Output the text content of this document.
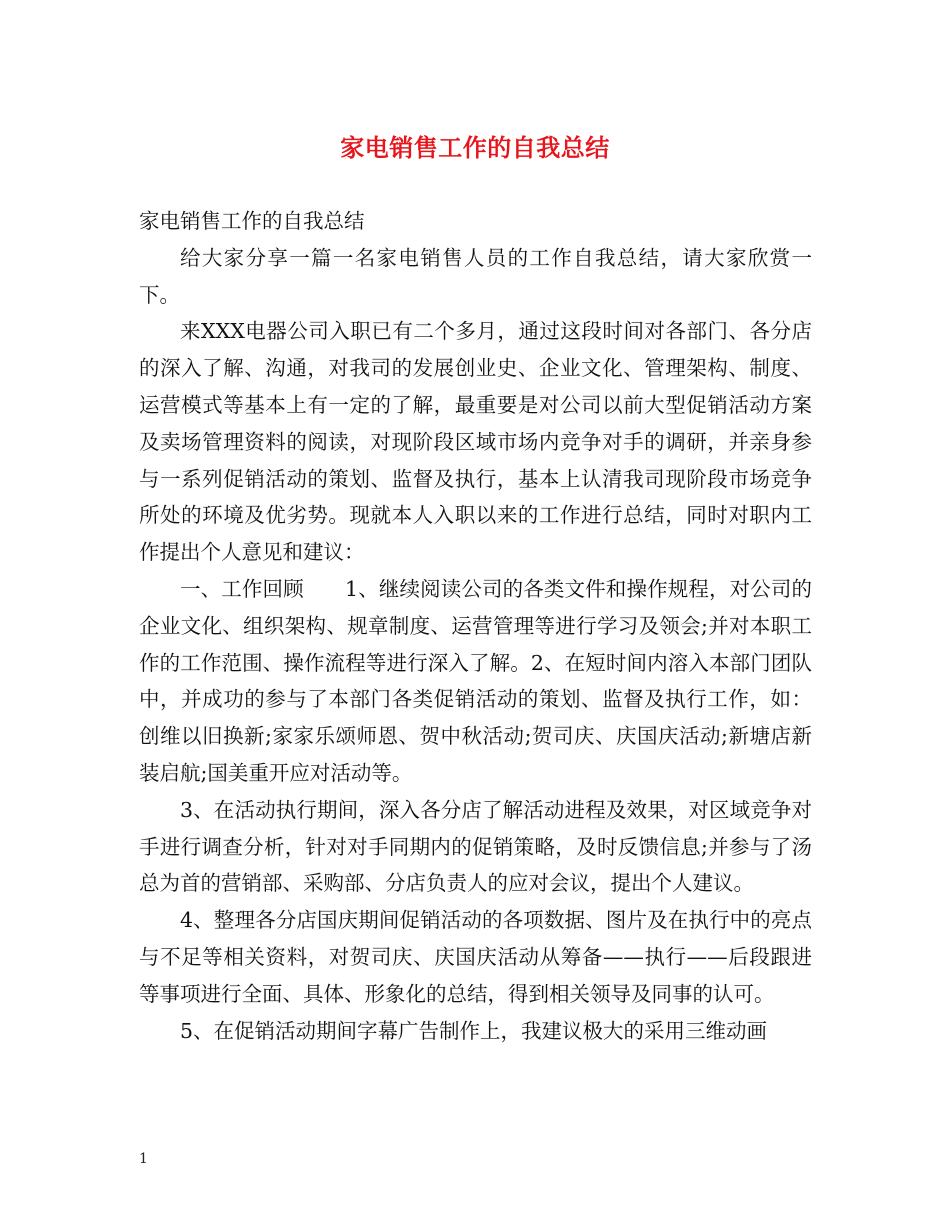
家电销售工作的自我总结

家电销售工作的自我总结

给大家分享一篇一名家电销售人员的工作自我总结，请大家欣赏一下。

来XXX电器公司入职已有二个多月，通过这段时间对各部门、各分店的深入了解、沟通，对我司的发展创业史、企业文化、管理架构、制度、运营模式等基本上有一定的了解，最重要是对公司以前大型促销活动方案及卖场管理资料的阅读，对现阶段区域市场内竞争对手的调研，并亲身参与一系列促销活动的策划、监督及执行，基本上认清我司现阶段市场竞争所处的环境及优劣势。现就本人入职以来的工作进行总结，同时对职内工作提出个人意见和建议：

一、工作回顾　　1、继续阅读公司的各类文件和操作规程，对公司的企业文化、组织架构、规章制度、运营管理等进行学习及领会;并对本职工作的工作范围、操作流程等进行深入了解。2、在短时间内溶入本部门团队中，并成功的参与了本部门各类促销活动的策划、监督及执行工作，如：创维以旧换新;家家乐颂师恩、贺中秋活动;贺司庆、庆国庆活动;新塘店新装启航;国美重开应对活动等。

3、在活动执行期间，深入各分店了解活动进程及效果，对区域竞争对手进行调查分析，针对对手同期内的促销策略，及时反馈信息;并参与了汤总为首的营销部、采购部、分店负责人的应对会议，提出个人建议。

4、整理各分店国庆期间促销活动的各项数据、图片及在执行中的亮点与不足等相关资料，对贺司庆、庆国庆活动从筹备——执行——后段跟进等事项进行全面、具体、形象化的总结，得到相关领导及同事的认可。

5、在促销活动期间字幕广告制作上，我建议极大的采用三维动画

1
